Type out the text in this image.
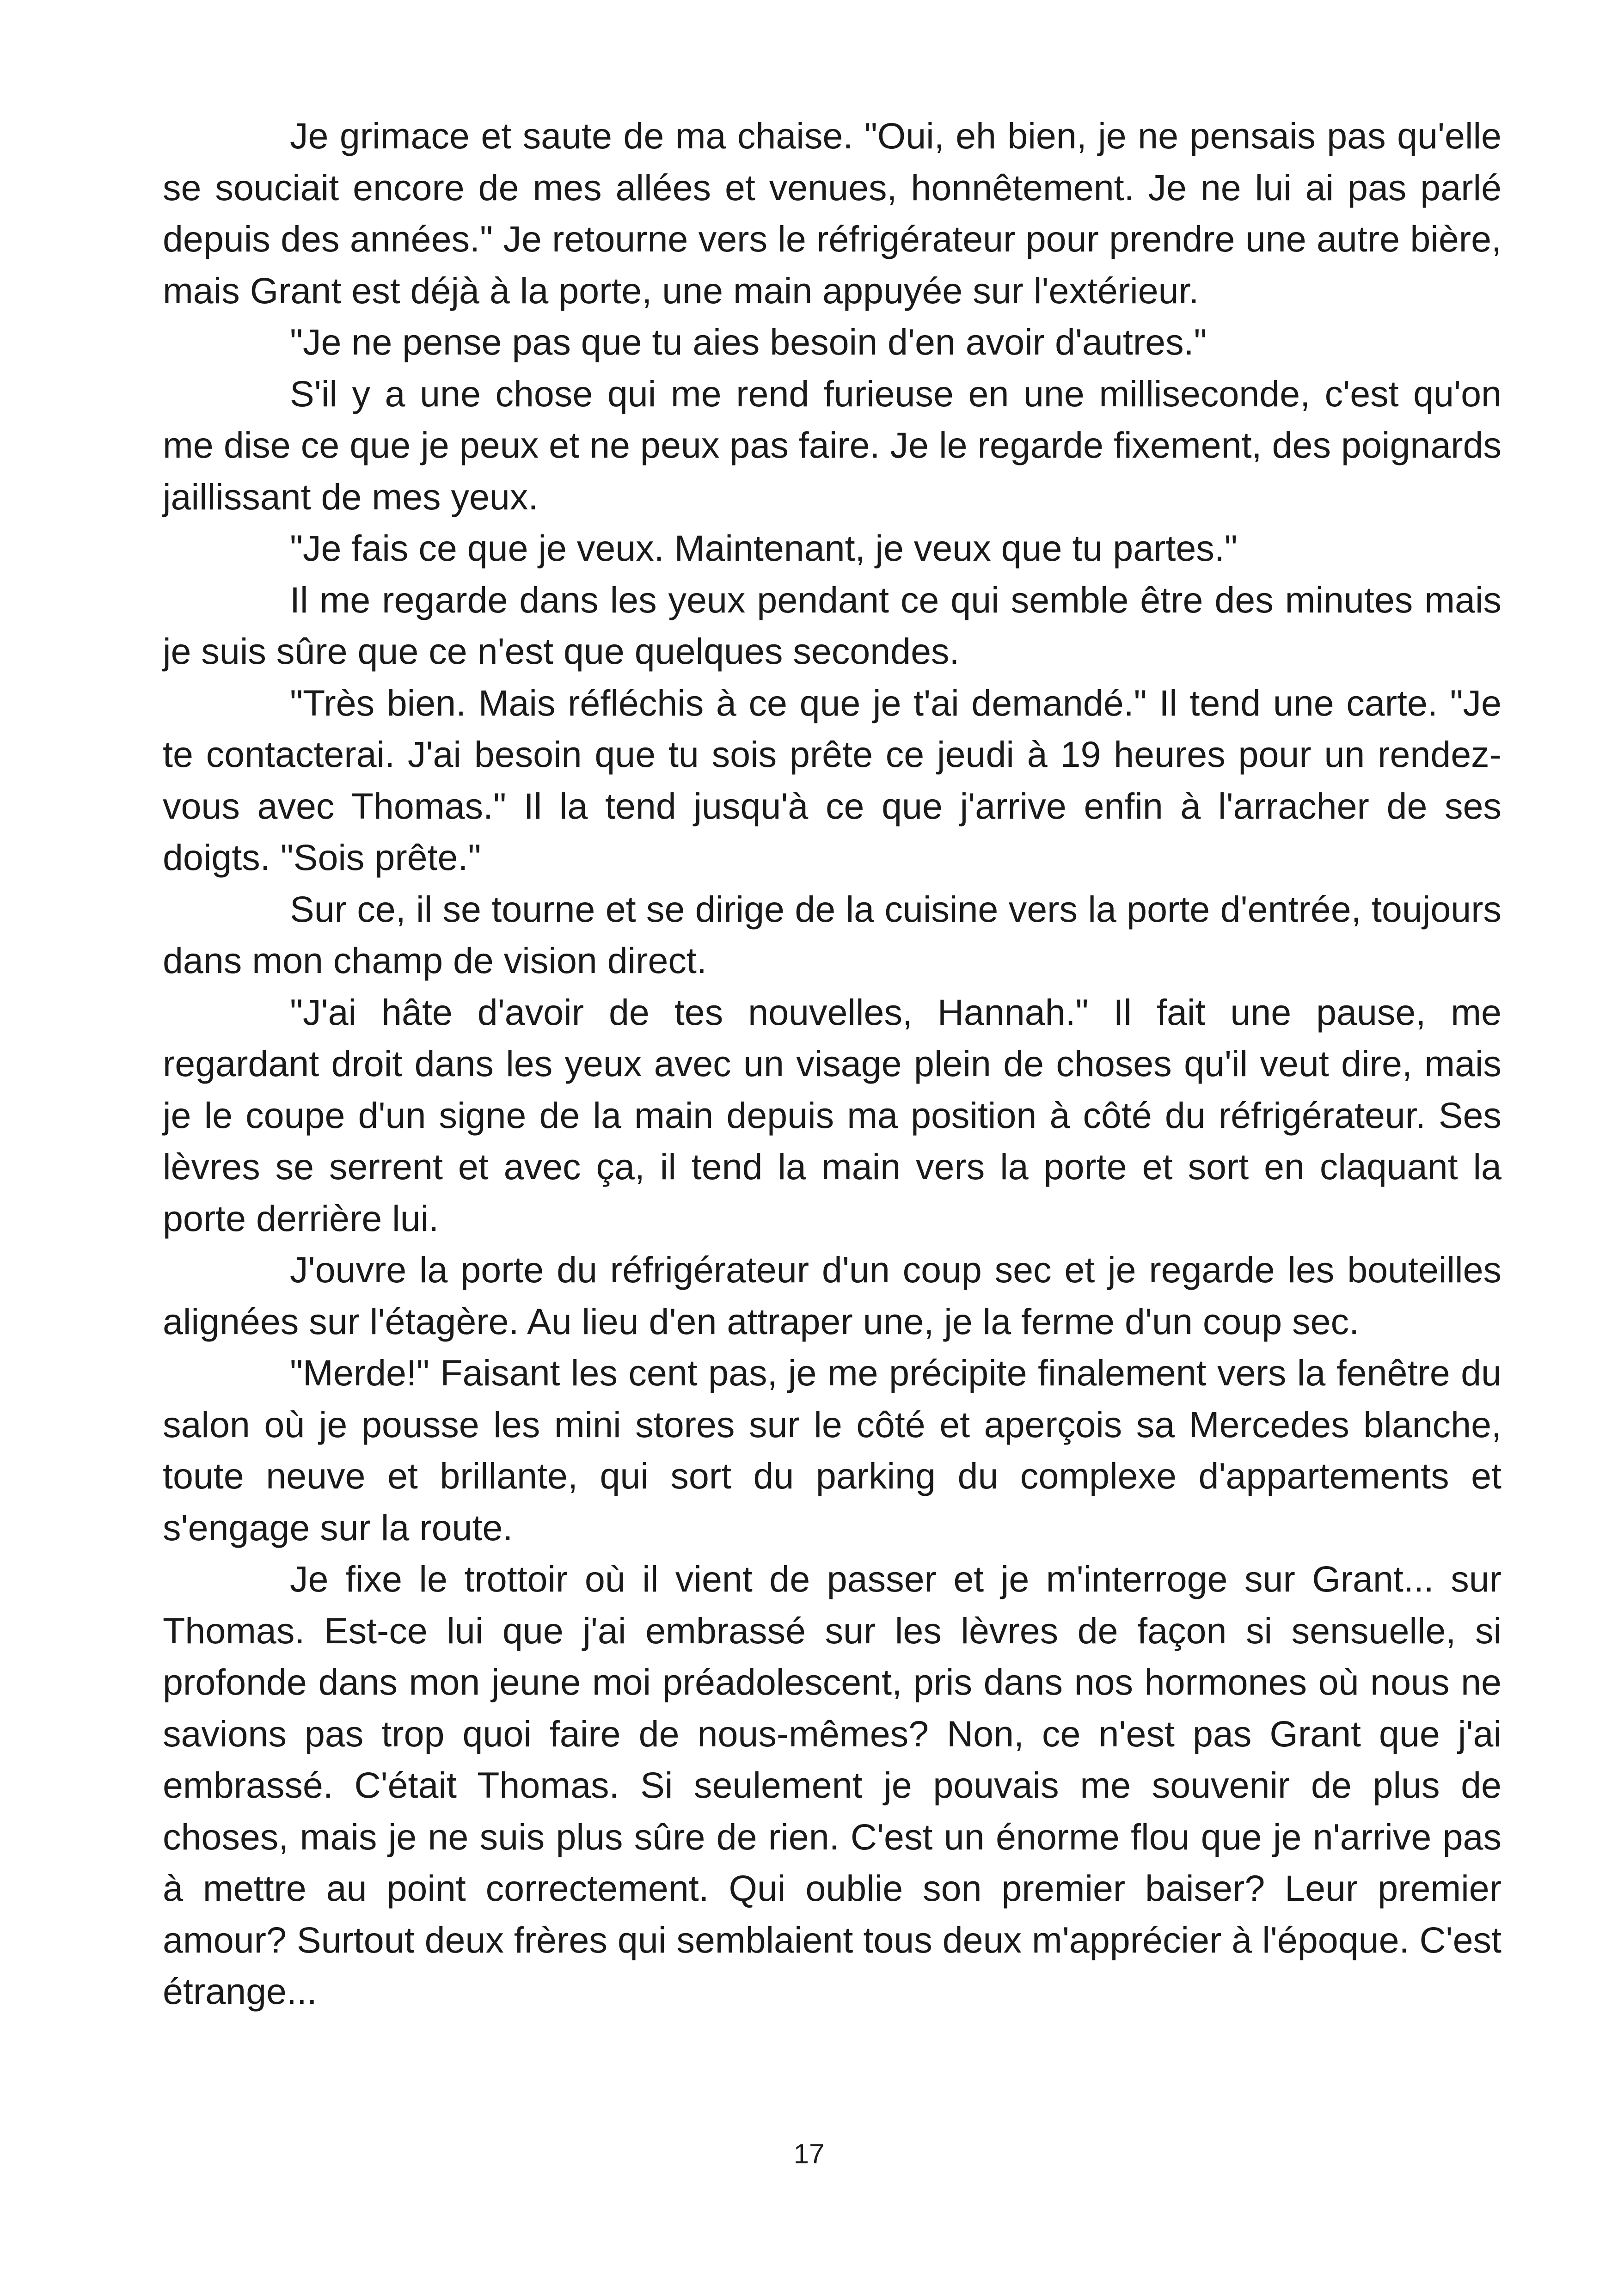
Je grimace et saute de ma chaise. "Oui, eh bien, je ne pensais pas qu'elle se souciait encore de mes allées et venues, honnêtement. Je ne lui ai pas parlé depuis des années." Je retourne vers le réfrigérateur pour prendre une autre bière, mais Grant est déjà à la porte, une main appuyée sur l'extérieur.

"Je ne pense pas que tu aies besoin d'en avoir d'autres."

S'il y a une chose qui me rend furieuse en une milliseconde, c'est qu'on me dise ce que je peux et ne peux pas faire. Je le regarde fixement, des poignards jaillissant de mes yeux.

"Je fais ce que je veux. Maintenant, je veux que tu partes."

Il me regarde dans les yeux pendant ce qui semble être des minutes mais je suis sûre que ce n'est que quelques secondes.

"Très bien. Mais réfléchis à ce que je t'ai demandé." Il tend une carte. "Je te contacterai. J'ai besoin que tu sois prête ce jeudi à 19 heures pour un rendez-vous avec Thomas." Il la tend jusqu'à ce que j'arrive enfin à l'arracher de ses doigts. "Sois prête."

Sur ce, il se tourne et se dirige de la cuisine vers la porte d'entrée, toujours dans mon champ de vision direct.

"J'ai hâte d'avoir de tes nouvelles, Hannah." Il fait une pause, me regardant droit dans les yeux avec un visage plein de choses qu'il veut dire, mais je le coupe d'un signe de la main depuis ma position à côté du réfrigérateur. Ses lèvres se serrent et avec ça, il tend la main vers la porte et sort en claquant la porte derrière lui.

J'ouvre la porte du réfrigérateur d'un coup sec et je regarde les bouteilles alignées sur l'étagère. Au lieu d'en attraper une, je la ferme d'un coup sec.

"Merde!" Faisant les cent pas, je me précipite finalement vers la fenêtre du salon où je pousse les mini stores sur le côté et aperçois sa Mercedes blanche, toute neuve et brillante, qui sort du parking du complexe d'appartements et s'engage sur la route.

Je fixe le trottoir où il vient de passer et je m'interroge sur Grant... sur Thomas. Est-ce lui que j'ai embrassé sur les lèvres de façon si sensuelle, si profonde dans mon jeune moi préadolescent, pris dans nos hormones où nous ne savions pas trop quoi faire de nous-mêmes? Non, ce n'est pas Grant que j'ai embrassé. C'était Thomas. Si seulement je pouvais me souvenir de plus de choses, mais je ne suis plus sûre de rien. C'est un énorme flou que je n'arrive pas à mettre au point correctement. Qui oublie son premier baiser? Leur premier amour? Surtout deux frères qui semblaient tous deux m'apprécier à l'époque. C'est étrange...

17
